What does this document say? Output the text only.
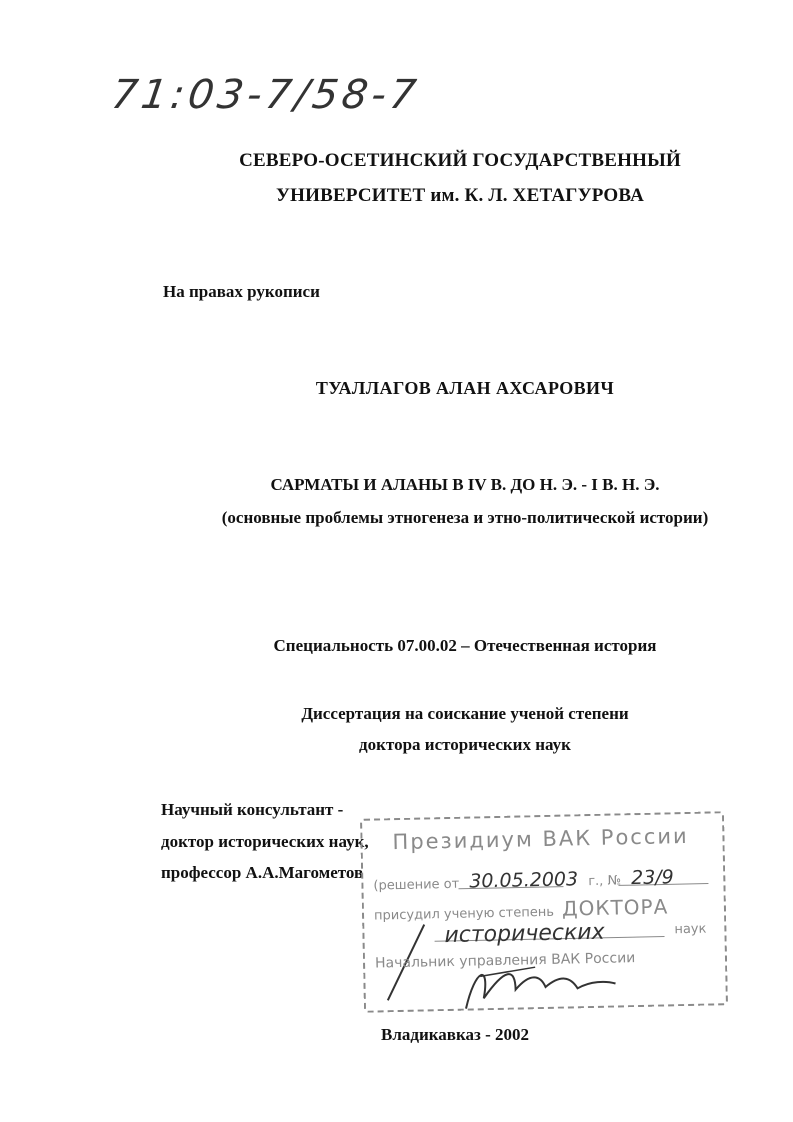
71:03-7/58-7
СЕВЕРО-ОСЕТИНСКИЙ ГОСУДАРСТВЕННЫЙ
УНИВЕРСИТЕТ им. К. Л. ХЕТАГУРОВА
На правах рукописи
ТУАЛЛАГОВ АЛАН АХСАРОВИЧ
САРМАТЫ И АЛАНЫ В IV В. ДО Н. Э. - I В. Н. Э.
(основные проблемы этногенеза и этно-политической истории)
Специальность 07.00.02 – Отечественная история
Диссертация на соискание ученой степени
доктора исторических наук
Научный консультант -
доктор исторических наук,
профессор А.А.Магометов
Президиум ВАК России
(решение от 30.05.2003 г., № 23/9
присудил ученую степень ДОКТОРА
исторических	наук
Начальник управления ВАК России
Владикавказ - 2002
